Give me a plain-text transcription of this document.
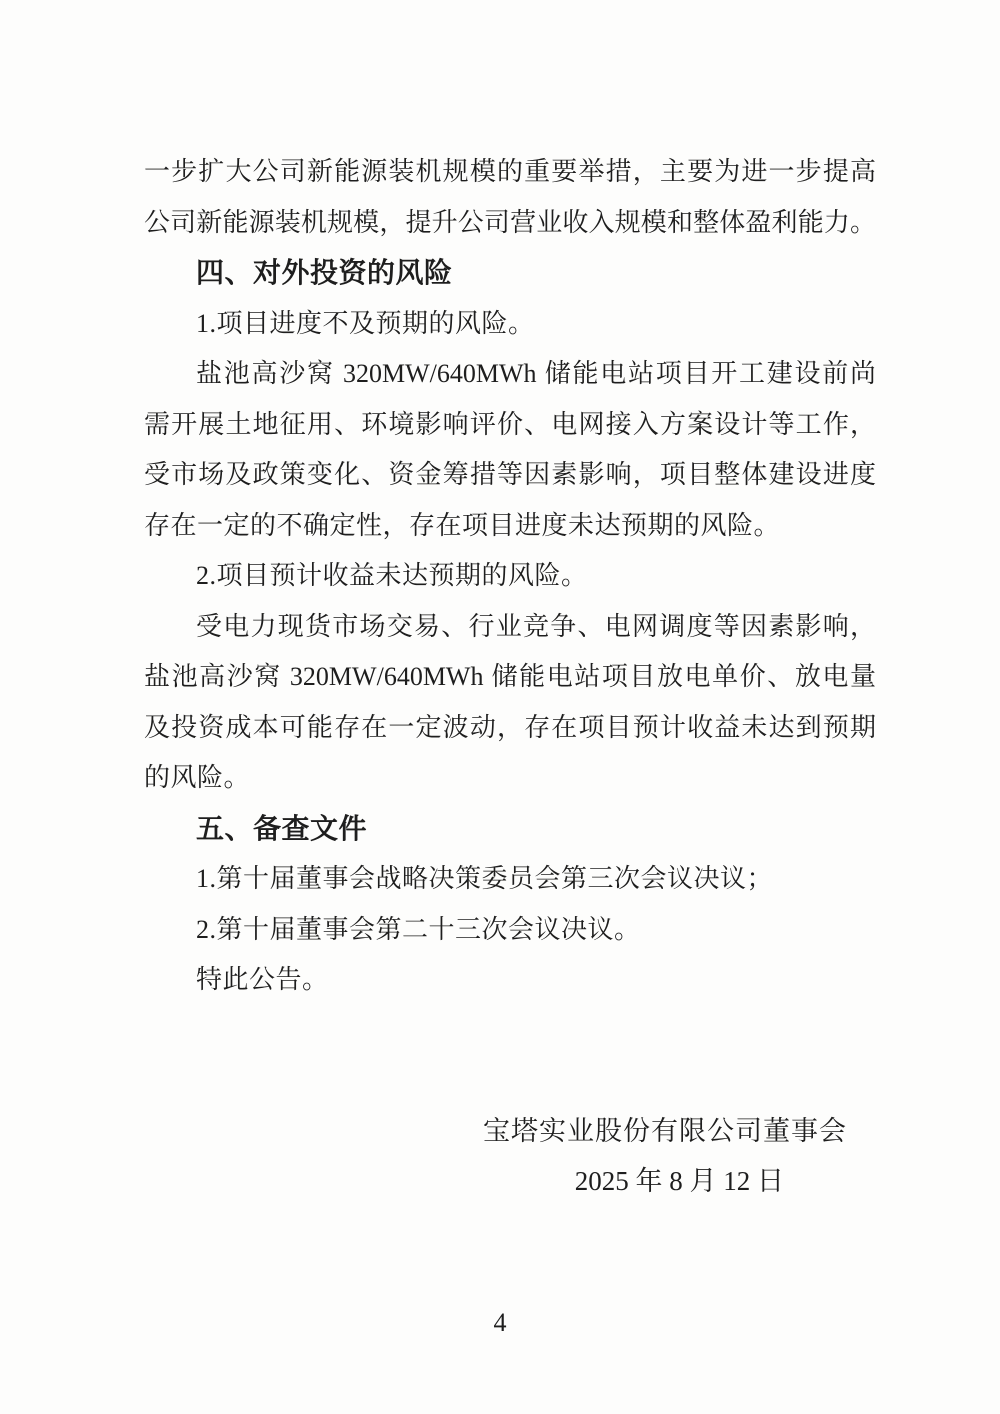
一步扩大公司新能源装机规模的重要举措，主要为进一步提高
公司新能源装机规模，提升公司营业收入规模和整体盈利能力。
四、对外投资的风险
1.项目进度不及预期的风险。
盐池高沙窝 320MW/640MWh 储能电站项目开工建设前尚
需开展土地征用、环境影响评价、电网接入方案设计等工作，
受市场及政策变化、资金筹措等因素影响，项目整体建设进度
存在一定的不确定性，存在项目进度未达预期的风险。
2.项目预计收益未达预期的风险。
受电力现货市场交易、行业竞争、电网调度等因素影响，
盐池高沙窝 320MW/640MWh 储能电站项目放电单价、放电量
及投资成本可能存在一定波动，存在项目预计收益未达到预期
的风险。
五、备查文件
1.第十届董事会战略决策委员会第三次会议决议；
2.第十届董事会第二十三次会议决议。
特此公告。
宝塔实业股份有限公司董事会
2025 年 8 月 12 日
4
